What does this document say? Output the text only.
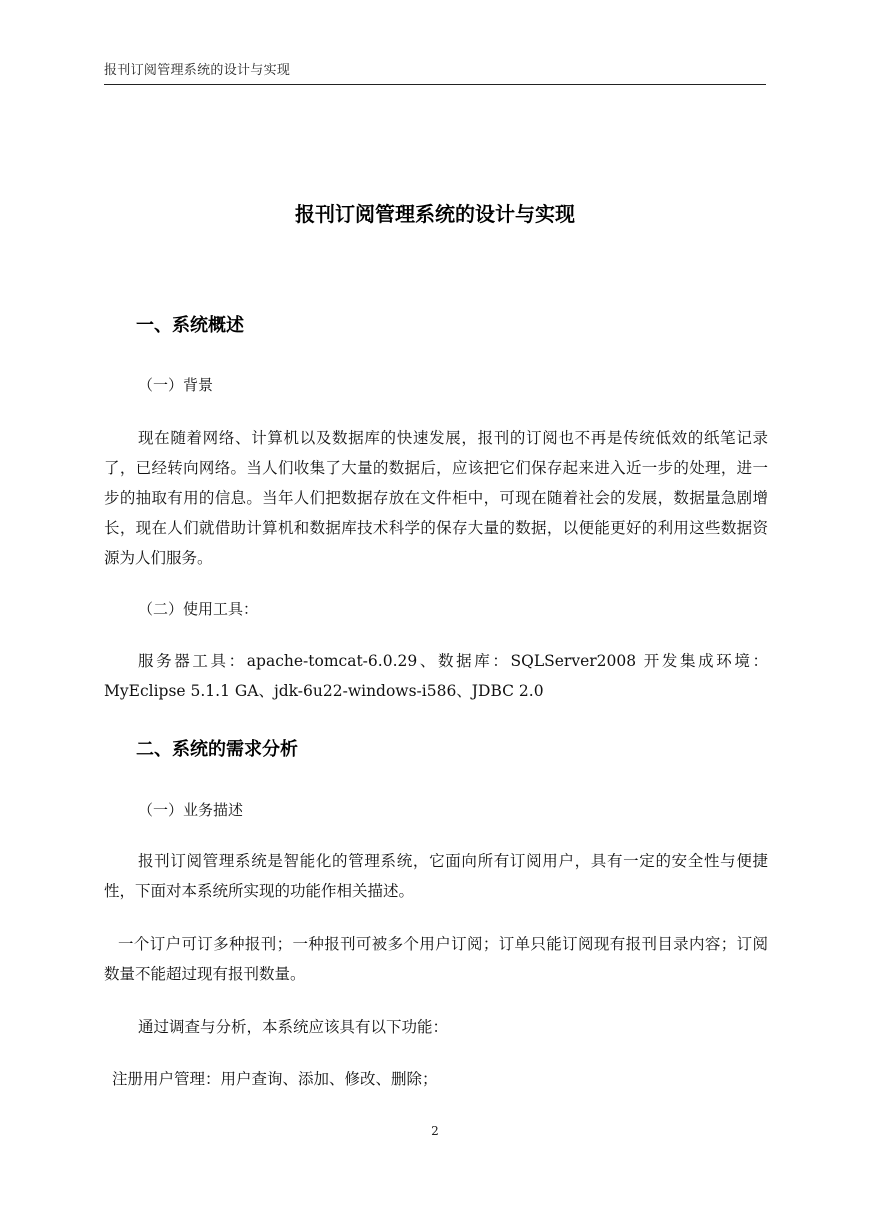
报刊订阅管理系统的设计与实现
报刊订阅管理系统的设计与实现
一、系统概述
（一）背景
现在随着网络、计算机以及数据库的快速发展，报刊的订阅也不再是传统低效的纸笔记录了，已经转向网络。当人们收集了大量的数据后，应该把它们保存起来进入近一步的处理，进一步的抽取有用的信息。当年人们把数据存放在文件柜中，可现在随着社会的发展，数据量急剧增长，现在人们就借助计算机和数据库技术科学的保存大量的数据，以便能更好的利用这些数据资源为人们服务。
（二）使用工具：
服务器工具：apache-tomcat-6.0.29、数据库：SQLServer2008 开发集成环境：MyEclipse 5.1.1 GA、jdk-6u22-windows-i586、JDBC 2.0
二、系统的需求分析
（一）业务描述
报刊订阅管理系统是智能化的管理系统，它面向所有订阅用户，具有一定的安全性与便捷性，下面对本系统所实现的功能作相关描述。
一个订户可订多种报刊；一种报刊可被多个用户订阅；订单只能订阅现有报刊目录内容；订阅数量不能超过现有报刊数量。
通过调查与分析，本系统应该具有以下功能：
注册用户管理：用户查询、添加、修改、删除；
2
